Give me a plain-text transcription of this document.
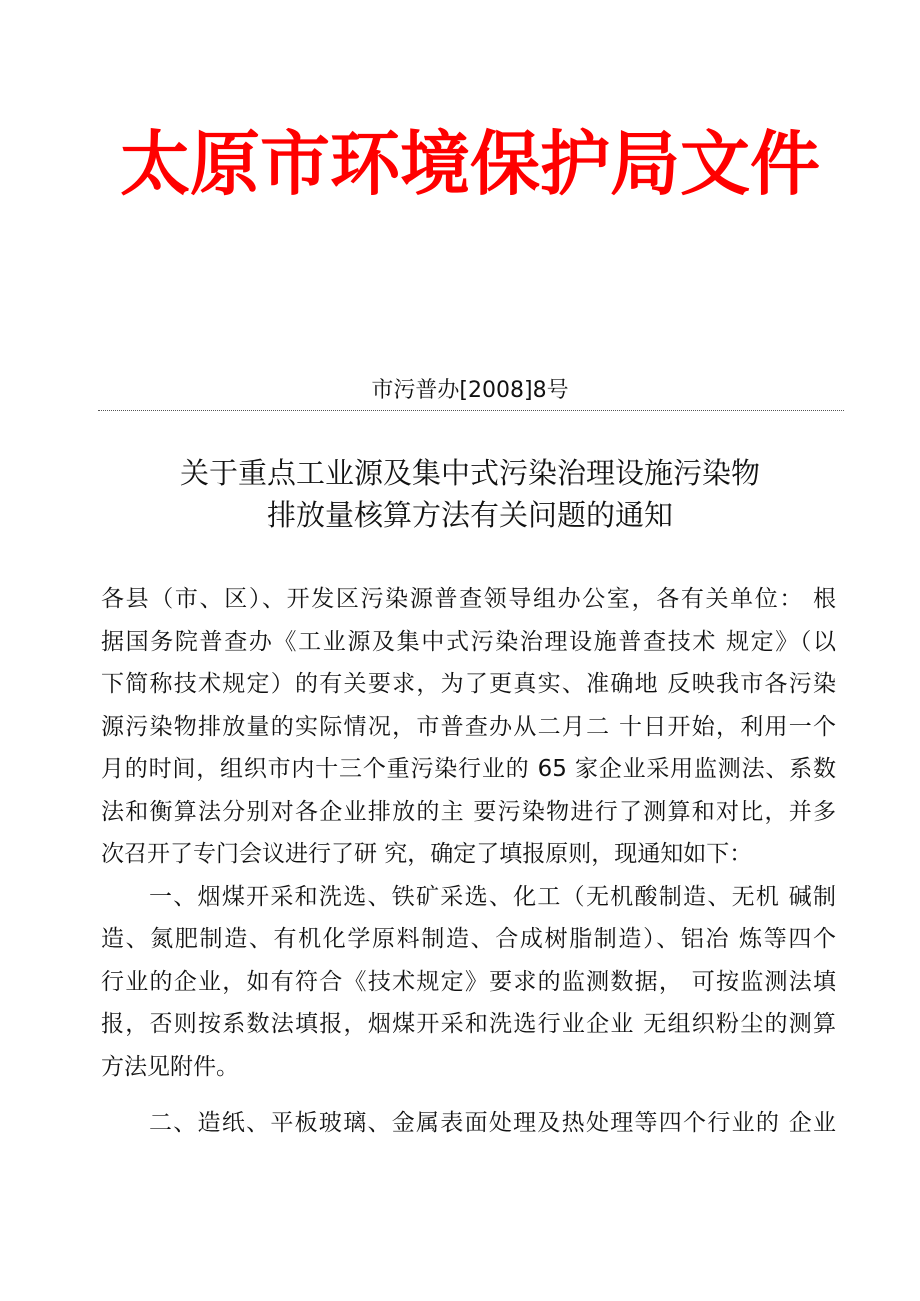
太原市环境保护局文件
市污普办[2008]8号
关于重点工业源及集中式污染治理设施污染物
排放量核算方法有关问题的通知
各县（市、区）、开发区污染源普查领导组办公室，各有关单位： 根
据国务院普查办《工业源及集中式污染治理设施普查技术 规定》（以
下简称技术规定）的有关要求，为了更真实、准确地 反映我市各污染
源污染物排放量的实际情况，市普查办从二月二 十日开始，利用一个
月的时间，组织市内十三个重污染行业的 65 家企业采用监测法、系数
法和衡算法分别对各企业排放的主 要污染物进行了测算和对比，并多
次召开了专门会议进行了研 究，确定了填报原则，现通知如下：
一、烟煤开采和洗选、铁矿采选、化工（无机酸制造、无机 碱制
造、氮肥制造、有机化学原料制造、合成树脂制造）、铝冶 炼等四个
行业的企业，如有符合《技术规定》要求的监测数据， 可按监测法填
报，否则按系数法填报，烟煤开采和洗选行业企业 无组织粉尘的测算
方法见附件。
二、造纸、平板玻璃、金属表面处理及热处理等四个行业的 企业
